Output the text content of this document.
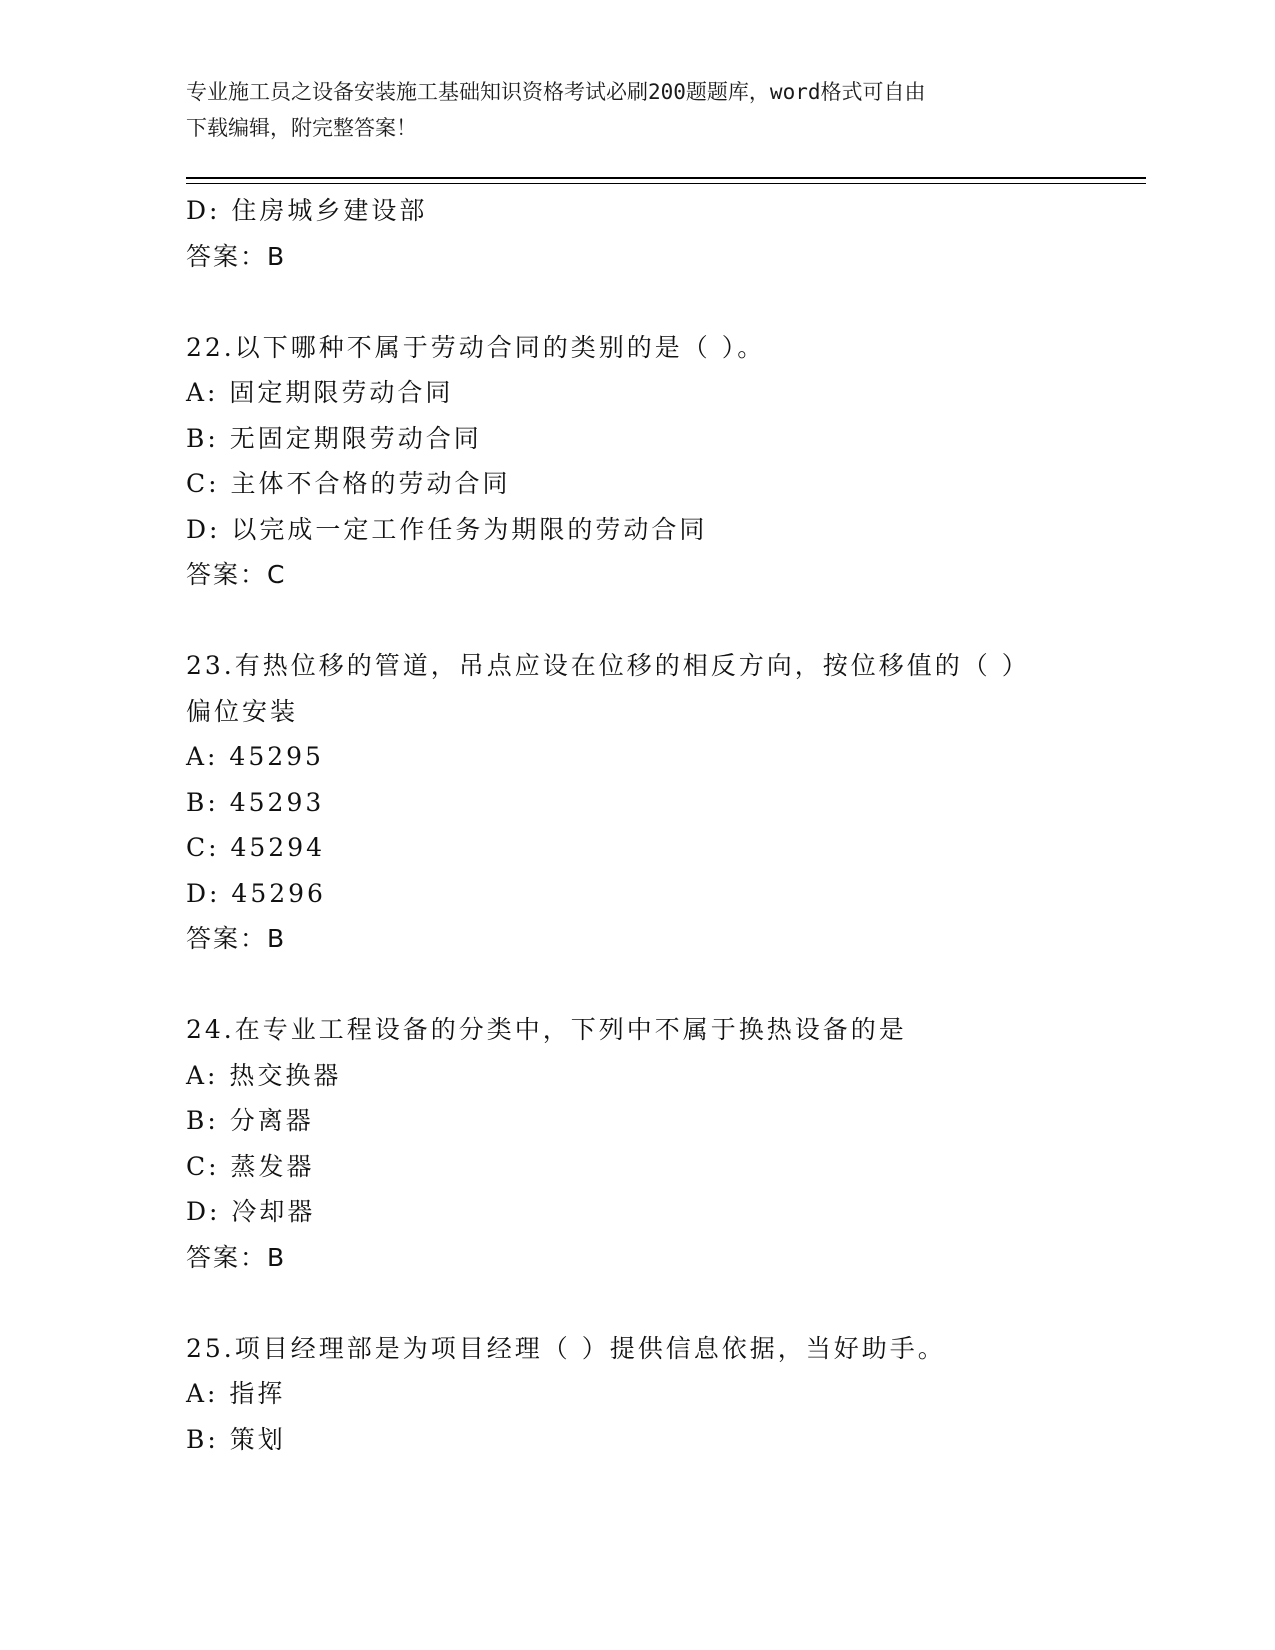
专业施工员之设备安装施工基础知识资格考试必刷200题题库，word格式可自由
下载编辑，附完整答案！
D: 住房城乡建设部
答案：B
22.以下哪种不属于劳动合同的类别的是（ ）。
A: 固定期限劳动合同
B: 无固定期限劳动合同
C: 主体不合格的劳动合同
D: 以完成一定工作任务为期限的劳动合同
答案：C
23.有热位移的管道，吊点应设在位移的相反方向，按位移值的（ ）
偏位安装
A: 45295
B: 45293
C: 45294
D: 45296
答案：B
24.在专业工程设备的分类中，下列中不属于换热设备的是
A: 热交换器
B: 分离器
C: 蒸发器
D: 冷却器
答案：B
25.项目经理部是为项目经理（ ）提供信息依据，当好助手。
A: 指挥
B: 策划
